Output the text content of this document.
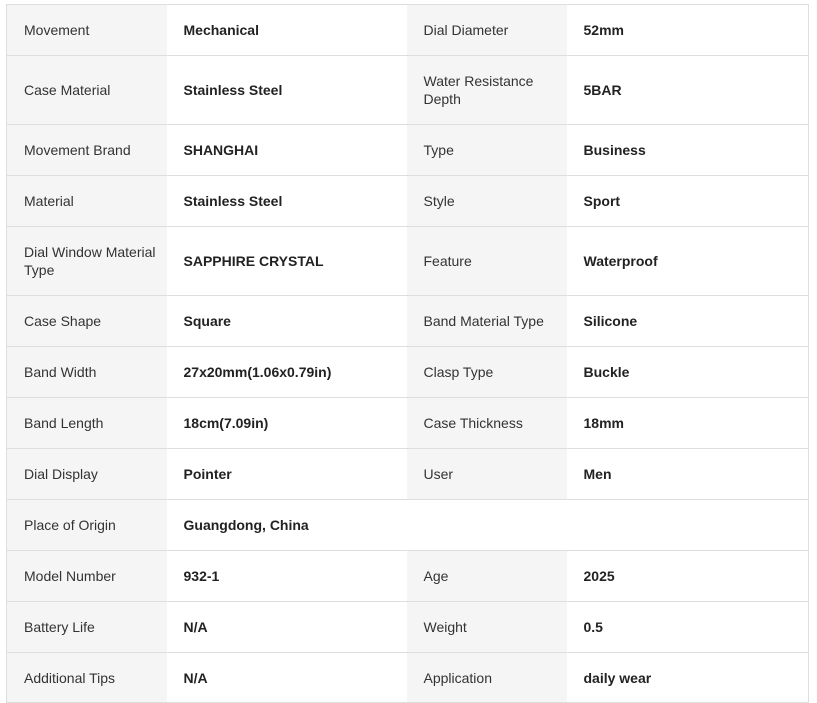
Movement	Mechanical	Dial Diameter	52mm
Case Material	Stainless Steel	Water Resistance Depth	5BAR
Movement Brand	SHANGHAI	Type	Business
Material	Stainless Steel	Style	Sport
Dial Window Material Type	SAPPHIRE CRYSTAL	Feature	Waterproof
Case Shape	Square	Band Material Type	Silicone
Band Width	27x20mm(1.06x0.79in)	Clasp Type	Buckle
Band Length	18cm(7.09in)	Case Thickness	18mm
Dial Display	Pointer	User	Men
Place of Origin	Guangdong, China		
Model Number	932-1	Age	2025
Battery Life	N/A	Weight	0.5
Additional Tips	N/A	Application	daily wear
